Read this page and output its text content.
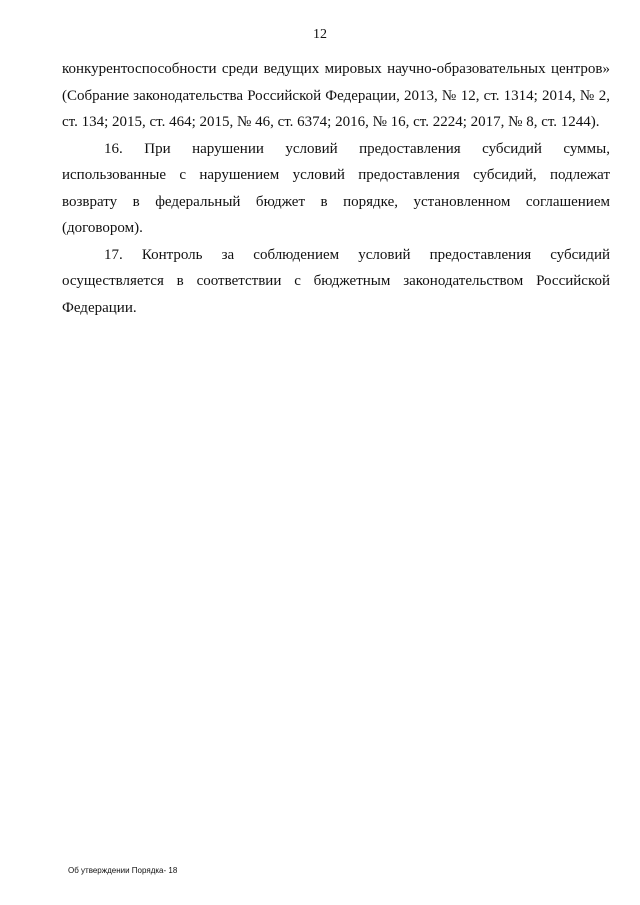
12

конкурентоспособности среди ведущих мировых научно-образовательных центров» (Собрание законодательства Российской Федерации, 2013, № 12, ст. 1314; 2014, № 2, ст. 134; 2015, ст. 464; 2015, № 46, ст. 6374; 2016, № 16, ст. 2224; 2017, № 8, ст. 1244).

16. При нарушении условий предоставления субсидий суммы, использованные с нарушением условий предоставления субсидий, подлежат возврату в федеральный бюджет в порядке, установленном соглашением (договором).

17. Контроль за соблюдением условий предоставления субсидий осуществляется в соответствии с бюджетным законодательством Российской Федерации.

Об утверждении Порядка- 18
